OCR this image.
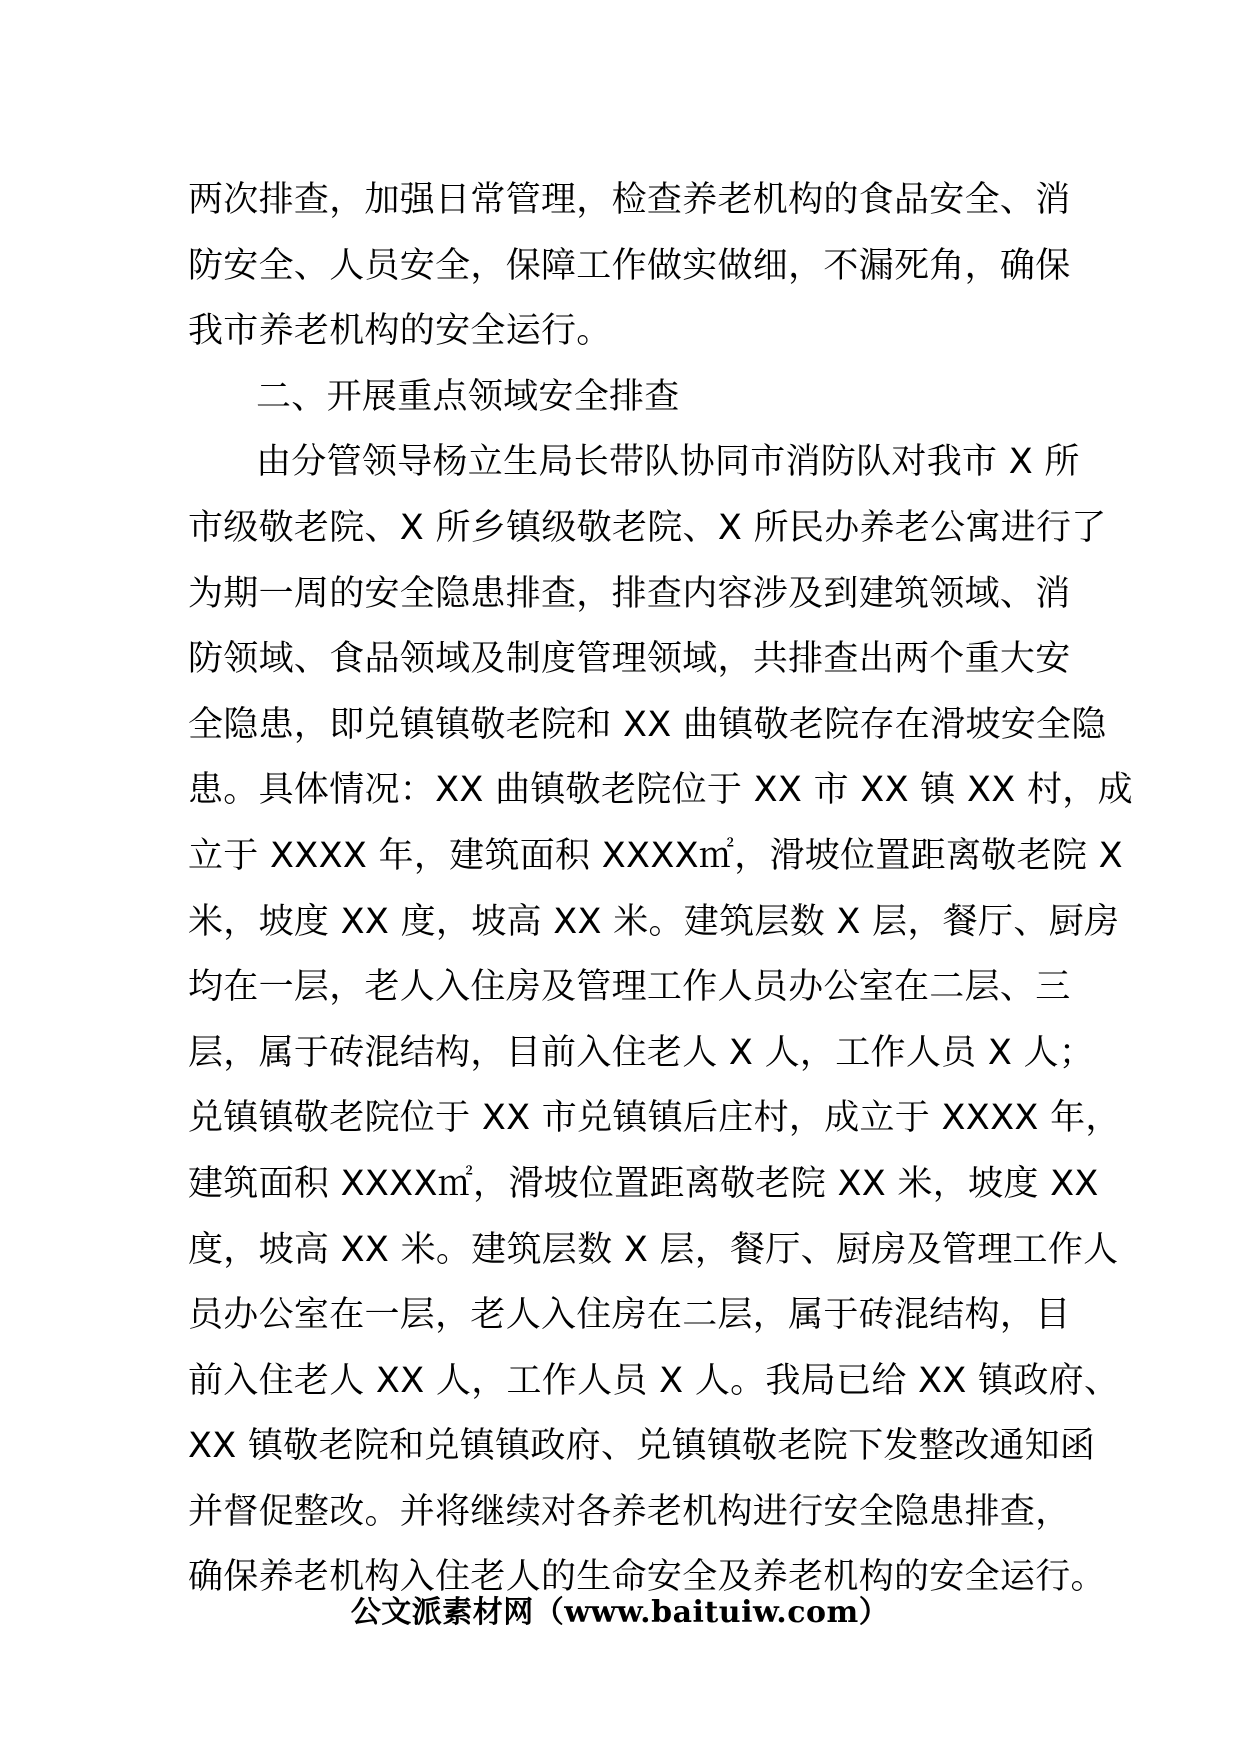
两次排查，加强日常管理，检查养老机构的食品安全、消
防安全、人员安全，保障工作做实做细，不漏死角，确保
我市养老机构的安全运行。
二、开展重点领域安全排查
由分管领导杨立生局长带队协同市消防队对我市 X 所
市级敬老院、X 所乡镇级敬老院、X 所民办养老公寓进行了
为期一周的安全隐患排查，排查内容涉及到建筑领域、消
防领域、食品领域及制度管理领域，共排查出两个重大安
全隐患，即兑镇镇敬老院和 XX 曲镇敬老院存在滑坡安全隐
患。具体情况：XX 曲镇敬老院位于 XX 市 XX 镇 XX 村，成
立于 XXXX 年，建筑面积 XXXX㎡，滑坡位置距离敬老院 X
米，坡度 XX 度，坡高 XX 米。建筑层数 X 层，餐厅、厨房
均在一层，老人入住房及管理工作人员办公室在二层、三
层，属于砖混结构，目前入住老人 X 人，工作人员 X 人；
兑镇镇敬老院位于 XX 市兑镇镇后庄村，成立于 XXXX 年，
建筑面积 XXXX㎡，滑坡位置距离敬老院 XX 米，坡度 XX
度，坡高 XX 米。建筑层数 X 层，餐厅、厨房及管理工作人
员办公室在一层，老人入住房在二层，属于砖混结构，目
前入住老人 XX 人，工作人员 X 人。我局已给 XX 镇政府、
XX 镇敬老院和兑镇镇政府、兑镇镇敬老院下发整改通知函
并督促整改。并将继续对各养老机构进行安全隐患排查，
确保养老机构入住老人的生命安全及养老机构的安全运行。
公文派素材网（www.baituiw.com）
